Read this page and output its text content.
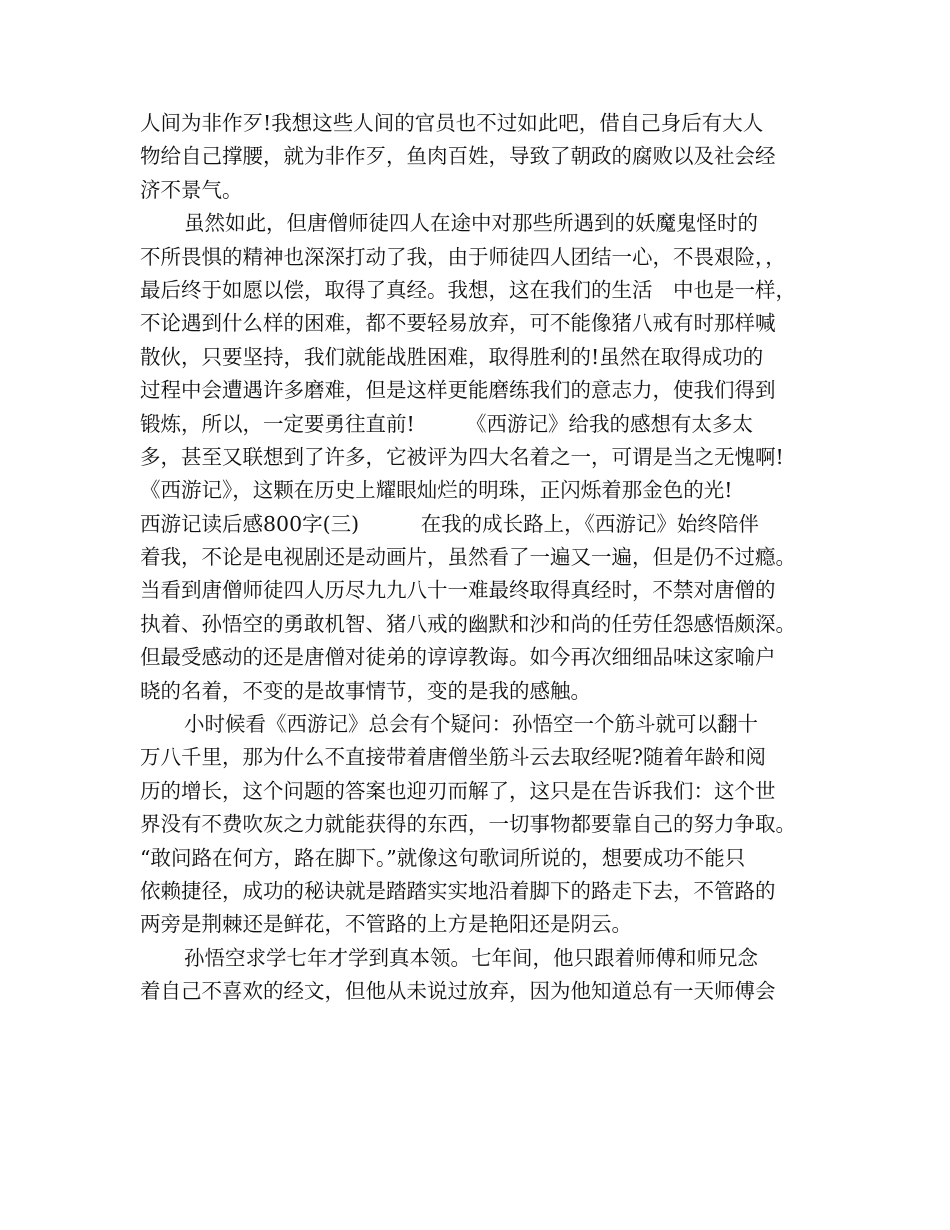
人间为非作歹!我想这些人间的官员也不过如此吧，借自己身后有大人
物给自己撑腰，就为非作歹，鱼肉百姓，导致了朝政的腐败以及社会经
济不景气。
虽然如此，但唐僧师徒四人在途中对那些所遇到的妖魔鬼怪时的
不所畏惧的精神也深深打动了我，由于师徒四人团结一心，不畏艰险，，
最后终于如愿以偿，取得了真经。我想，这在我们的生活　中也是一样，
不论遇到什么样的困难，都不要轻易放弃，可不能像猪八戒有时那样喊
散伙，只要坚持，我们就能战胜困难，取得胜利的!虽然在取得成功的
过程中会遭遇许多磨难，但是这样更能磨练我们的意志力，使我们得到
锻炼，所以，一定要勇往直前!　　　《西游记》给我的感想有太多太
多，甚至又联想到了许多，它被评为四大名着之一，可谓是当之无愧啊!
《西游记》，这颗在历史上耀眼灿烂的明珠，正闪烁着那金色的光!
西游记读后感800字(三)　　　在我的成长路上，《西游记》始终陪伴
着我，不论是电视剧还是动画片，虽然看了一遍又一遍，但是仍不过瘾。
当看到唐僧师徒四人历尽九九八十一难最终取得真经时，不禁对唐僧的
执着、孙悟空的勇敢机智、猪八戒的幽默和沙和尚的任劳任怨感悟颇深。
但最受感动的还是唐僧对徒弟的谆谆教诲。如今再次细细品味这家喻户
晓的名着，不变的是故事情节，变的是我的感触。
小时候看《西游记》总会有个疑问：孙悟空一个筋斗就可以翻十
万八千里，那为什么不直接带着唐僧坐筋斗云去取经呢?随着年龄和阅
历的增长，这个问题的答案也迎刃而解了，这只是在告诉我们：这个世
界没有不费吹灰之力就能获得的东西，一切事物都要靠自己的努力争取。
“敢问路在何方，路在脚下。”就像这句歌词所说的，想要成功不能只
依赖捷径，成功的秘诀就是踏踏实实地沿着脚下的路走下去，不管路的
两旁是荆棘还是鲜花，不管路的上方是艳阳还是阴云。
孙悟空求学七年才学到真本领。七年间，他只跟着师傅和师兄念
着自己不喜欢的经文，但他从未说过放弃，因为他知道总有一天师傅会
